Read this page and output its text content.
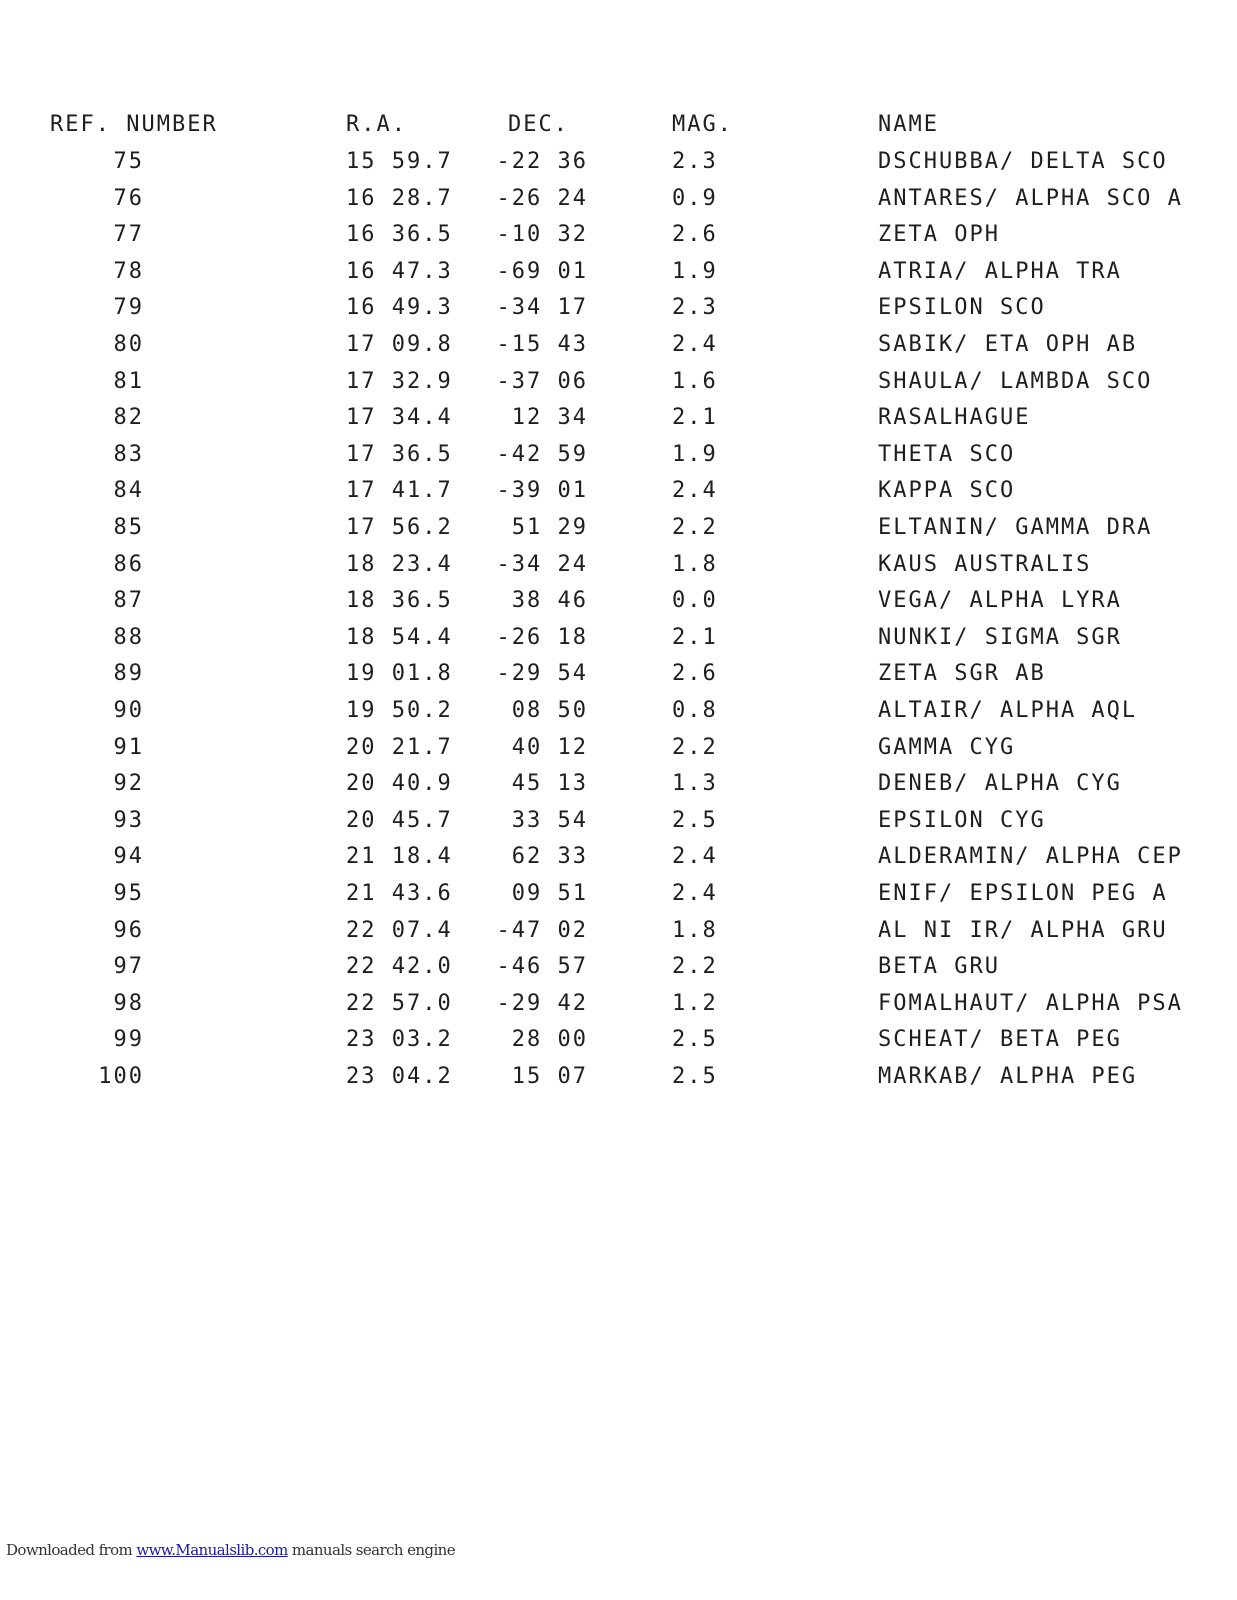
REF. NUMBER	R.A.	DEC.	MAG.	NAME
75	15 59.7	-22 36	2.3	DSCHUBBA/ DELTA SCO
76	16 28.7	-26 24	0.9	ANTARES/ ALPHA SCO A
77	16 36.5	-10 32	2.6	ZETA OPH
78	16 47.3	-69 01	1.9	ATRIA/ ALPHA TRA
79	16 49.3	-34 17	2.3	EPSILON SCO
80	17 09.8	-15 43	2.4	SABIK/ ETA OPH AB
81	17 32.9	-37 06	1.6	SHAULA/ LAMBDA SCO
82	17 34.4	12 34	2.1	RASALHAGUE
83	17 36.5	-42 59	1.9	THETA SCO
84	17 41.7	-39 01	2.4	KAPPA SCO
85	17 56.2	51 29	2.2	ELTANIN/ GAMMA DRA
86	18 23.4	-34 24	1.8	KAUS AUSTRALIS
87	18 36.5	38 46	0.0	VEGA/ ALPHA LYRA
88	18 54.4	-26 18	2.1	NUNKI/ SIGMA SGR
89	19 01.8	-29 54	2.6	ZETA SGR AB
90	19 50.2	08 50	0.8	ALTAIR/ ALPHA AQL
91	20 21.7	40 12	2.2	GAMMA CYG
92	20 40.9	45 13	1.3	DENEB/ ALPHA CYG
93	20 45.7	33 54	2.5	EPSILON CYG
94	21 18.4	62 33	2.4	ALDERAMIN/ ALPHA CEP
95	21 43.6	09 51	2.4	ENIF/ EPSILON PEG A
96	22 07.4	-47 02	1.8	AL NI IR/ ALPHA GRU
97	22 42.0	-46 57	2.2	BETA GRU
98	22 57.0	-29 42	1.2	FOMALHAUT/ ALPHA PSA
99	23 03.2	28 00	2.5	SCHEAT/ BETA PEG
100	23 04.2	15 07	2.5	MARKAB/ ALPHA PEG
Downloaded from www.Manualslib.com manuals search engine
